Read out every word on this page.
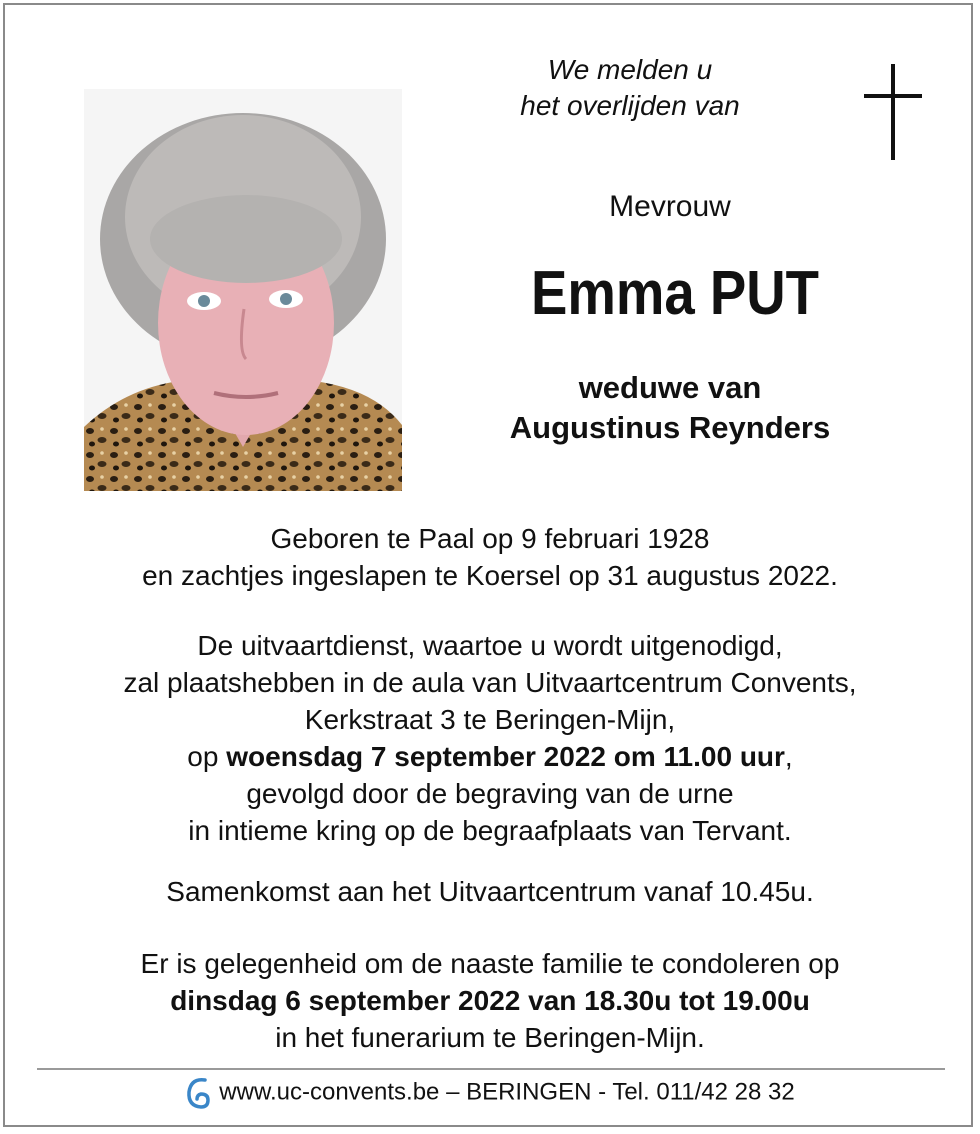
We melden u
het overlijden van
Mevrouw
Emma PUT
weduwe van
Augustinus Reynders

Geboren te Paal op 9 februari 1928

en zachtjes ingeslapen te Koersel op 31 augustus 2022.

De uitvaartdienst, waartoe u wordt uitgenodigd,

zal plaatshebben in de aula van Uitvaartcentrum Convents,

Kerkstraat 3 te Beringen-Mijn,

op woensdag 7 september 2022 om 11.00 uur,

gevolgd door de begraving van de urne

in intieme kring op de begraafplaats van Tervant.

Samenkomst aan het Uitvaartcentrum vanaf 10.45u.

Er is gelegenheid om de naaste familie te condoleren op

dinsdag 6 september 2022 van 18.30u tot 19.00u

in het funerarium te Beringen-Mijn.

www.uc-convents.be – BERINGEN - Tel. 011/42 28 32
